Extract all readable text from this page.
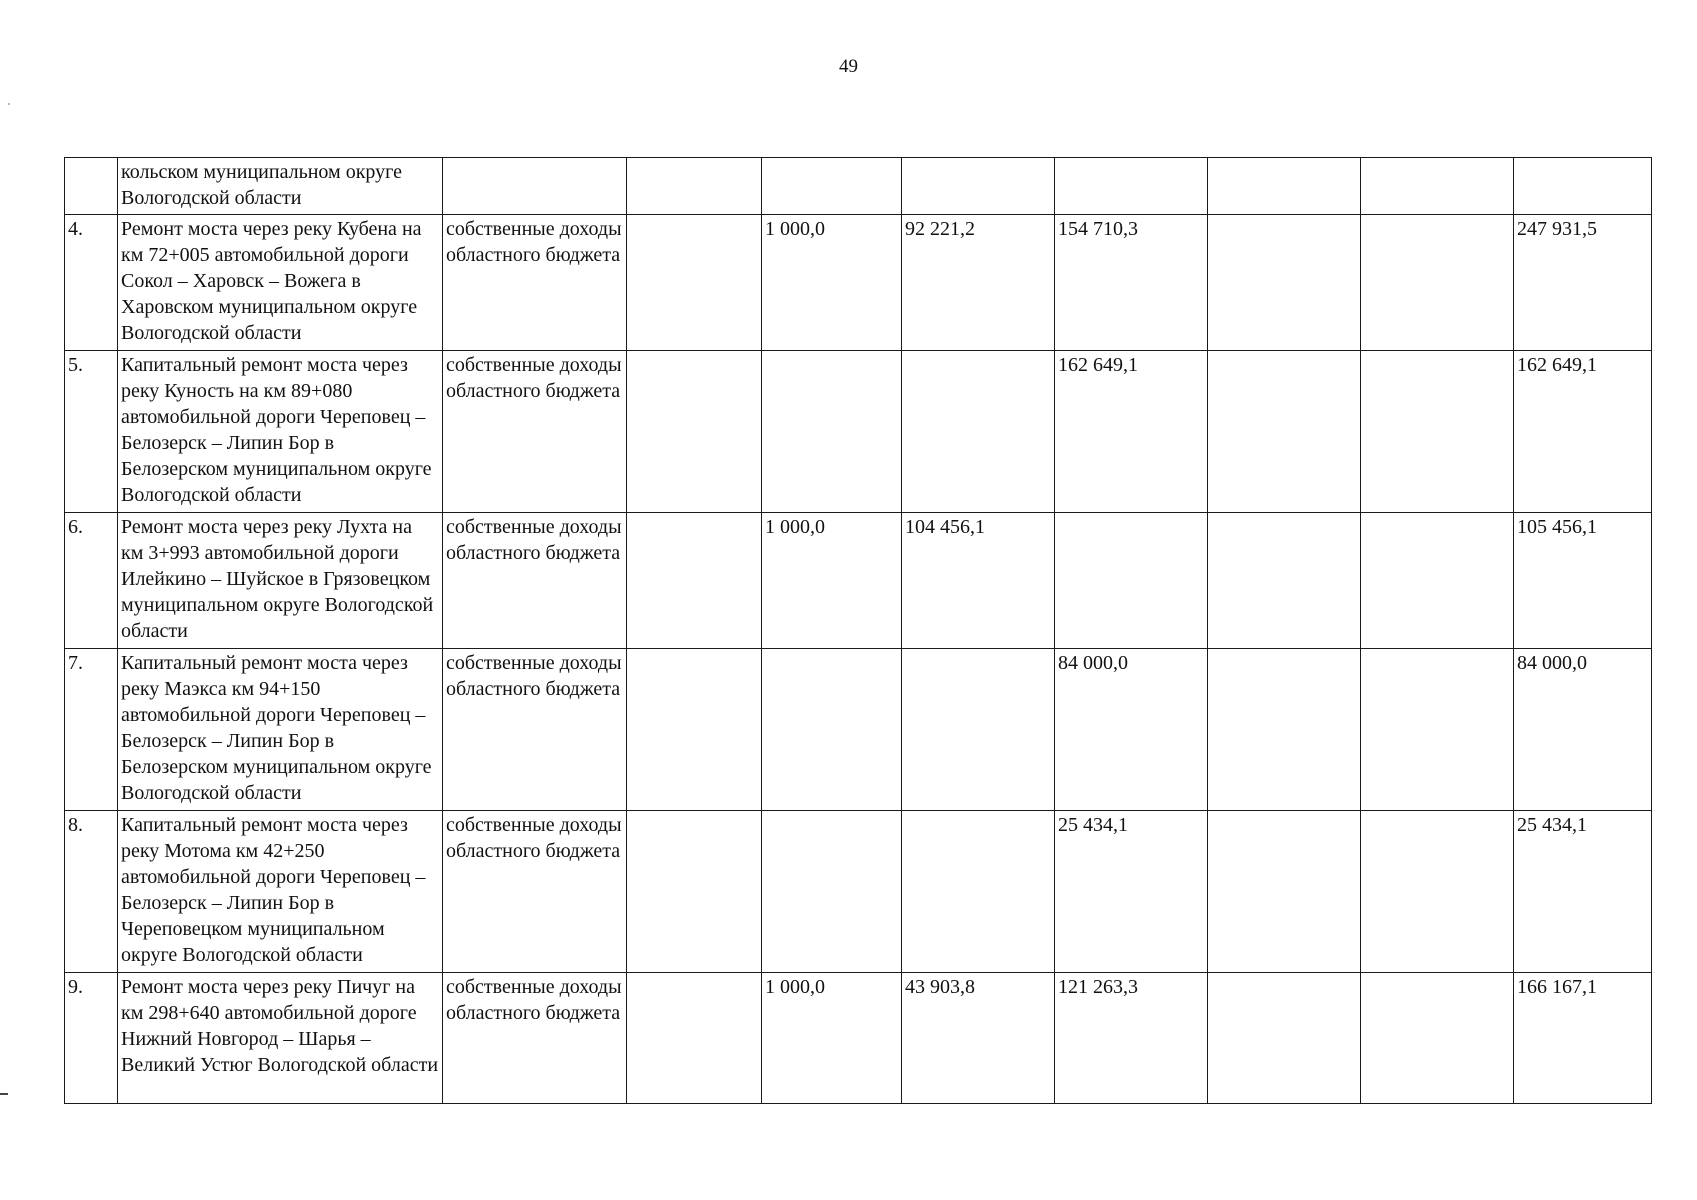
49
	кольском муниципальном округе Вологодской области								
4.	Ремонт моста через реку Кубена на км 72+005 автомобильной дороги Сокол – Харовск – Вожега в Харовском муниципальном округе Вологодской области	собственные доходы областного бюджета		1 000,0	92 221,2	154 710,3			247 931,5
5.	Капитальный ремонт моста через реку Куность на км 89+080 автомобильной дороги Череповец – Белозерск – Липин Бор в Белозерском муниципальном округе Вологодской области	собственные доходы областного бюджета				162 649,1			162 649,1
6.	Ремонт моста через реку Лухта на км 3+993 автомобильной дороги Илейкино – Шуйское в Грязовецком муниципальном округе Вологодской области	собственные доходы областного бюджета		1 000,0	104 456,1				105 456,1
7.	Капитальный ремонт моста через реку Маэкса км 94+150 автомобильной дороги Череповец – Белозерск – Липин Бор в Белозерском муниципальном округе Вологодской области	собственные доходы областного бюджета				84 000,0			84 000,0
8.	Капитальный ремонт моста через реку Мотома км 42+250 автомобильной дороги Череповец – Белозерск – Липин Бор в Череповецком муниципальном округе Вологодской области	собственные доходы областного бюджета				25 434,1			25 434,1
9.	Ремонт моста через реку Пичуг на км 298+640 автомобильной дороге Нижний Новгород – Шарья – Великий Устюг Вологодской области	собственные доходы областного бюджета		1 000,0	43 903,8	121 263,3			166 167,1
